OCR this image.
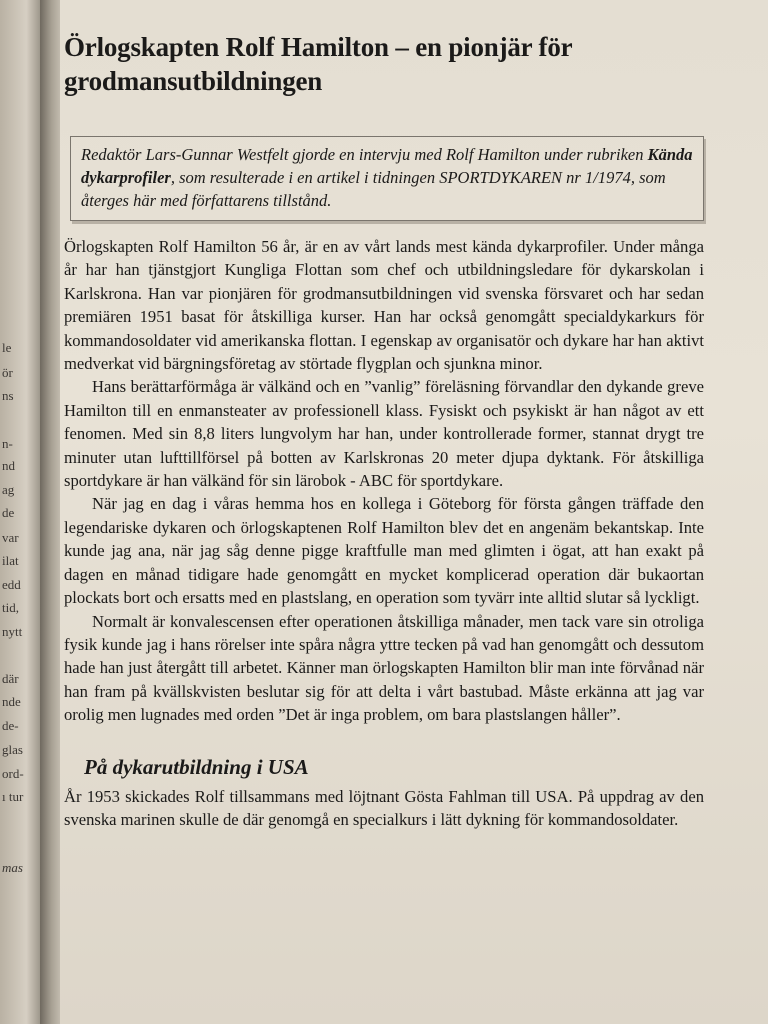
le
ör
ns
n-
nd
ag
de
var
ilat
edd
tid,
nytt
där
nde
de-
glas
ord-
ı tur
mas
Örlogskapten Rolf Hamilton – en pionjär för grodmansutbildningen
Redaktör Lars-Gunnar Westfelt gjorde en intervju med Rolf Hamilton under rubriken Kända dykarprofiler, som resulterade i en artikel i tidningen SPORTDYKAREN nr 1/1974, som återges här med författarens tillstånd.

Örlogskapten Rolf Hamilton 56 år, är en av vårt lands mest kända dykarprofiler. Under många år har han tjänstgjort Kungliga Flottan som chef och utbildningsledare för dykarskolan i Karlskrona. Han var pionjären för grodmansutbildningen vid svenska försvaret och har sedan premiären 1951 basat för åtskilliga kurser. Han har också genomgått specialdykarkurs för kommandosoldater vid amerikanska flottan. I egenskap av organisatör och dykare har han aktivt medverkat vid bärgningsföretag av störtade flygplan och sjunkna minor.

Hans berättarförmåga är välkänd och en ”vanlig” föreläsning förvandlar den dykande greve Hamilton till en enmansteater av professionell klass. Fysiskt och psykiskt är han något av ett fenomen. Med sin 8,8 liters lungvolym har han, under kontrollerade former, stannat drygt tre minuter utan lufttillförsel på botten av Karlskronas 20 meter djupa dyktank. För åtskilliga sportdykare är han välkänd för sin lärobok - ABC för sportdykare.

När jag en dag i våras hemma hos en kollega i Göteborg för första gången träffade den legendariske dykaren och örlogskaptenen Rolf Hamilton blev det en angenäm bekantskap. Inte kunde jag ana, när jag såg denne pigge kraftfulle man med glimten i ögat, att han exakt på dagen en månad tidigare hade genomgått en mycket komplicerad operation där bukaortan plockats bort och ersatts med en plastslang, en operation som tyvärr inte alltid slutar så lyckligt.

Normalt är konvalescensen efter operationen åtskilliga månader, men tack vare sin otroliga fysik kunde jag i hans rörelser inte spåra några yttre tecken på vad han genomgått och dessutom hade han just återgått till arbetet. Känner man örlogskapten Hamilton blir man inte förvånad när han fram på kvällskvisten beslutar sig för att delta i vårt bastubad. Måste erkänna att jag var orolig men lugnades med orden ”Det är inga problem, om bara plastslangen håller”.

På dykarutbildning i USA

År 1953 skickades Rolf tillsammans med löjtnant Gösta Fahlman till USA. På uppdrag av den svenska marinen skulle de där genomgå en specialkurs i lätt dykning för kommandosoldater.
